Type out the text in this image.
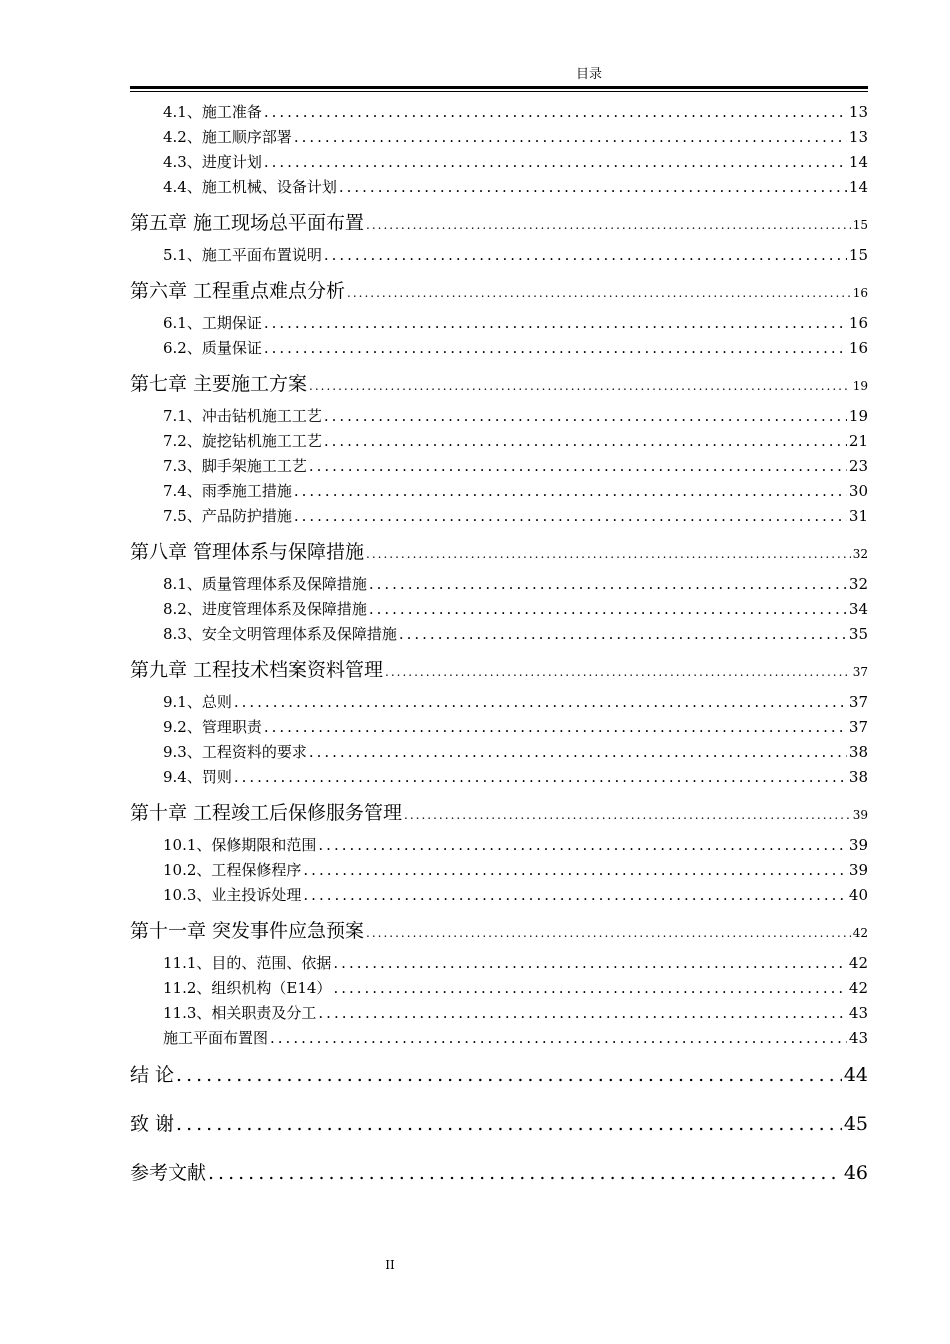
目录
4.1、施工准备 .....	13
4.2、施工顺序部署 .....	13
4.3、进度计划 .....	14
4.4、施工机械、设备计划 .....	14
第五章 施工现场总平面布置 .....	15
5.1、施工平面布置说明 .....	15
第六章 工程重点难点分析 .....	16
6.1、工期保证 .....	16
6.2、质量保证 .....	16
第七章 主要施工方案 .....	19
7.1、冲击钻机施工工艺 .....	19
7.2、旋挖钻机施工工艺 .....	21
7.3、脚手架施工工艺 .....	23
7.4、雨季施工措施 .....	30
7.5、产品防护措施 .....	31
第八章 管理体系与保障措施 .....	32
8.1、质量管理体系及保障措施 .....	32
8.2、进度管理体系及保障措施 .....	34
8.3、安全文明管理体系及保障措施 .....	35
第九章 工程技术档案资料管理 .....	37
9.1、总则 .....	37
9.2、管理职责 .....	37
9.3、工程资料的要求 .....	38
9.4、罚则 .....	38
第十章 工程竣工后保修服务管理 .....	39
10.1、保修期限和范围 .....	39
10.2、工程保修程序 .....	39
10.3、业主投诉处理 .....	40
第十一章 突发事件应急预案 .....	42
11.1、目的、范围、依据 .....	42
11.2、组织机构（E14） .....	42
11.3、相关职责及分工 .....	43
施工平面布置图 .....	43
结 论 .....	44
致 谢 .....	45
参考文献 .....	46
II
